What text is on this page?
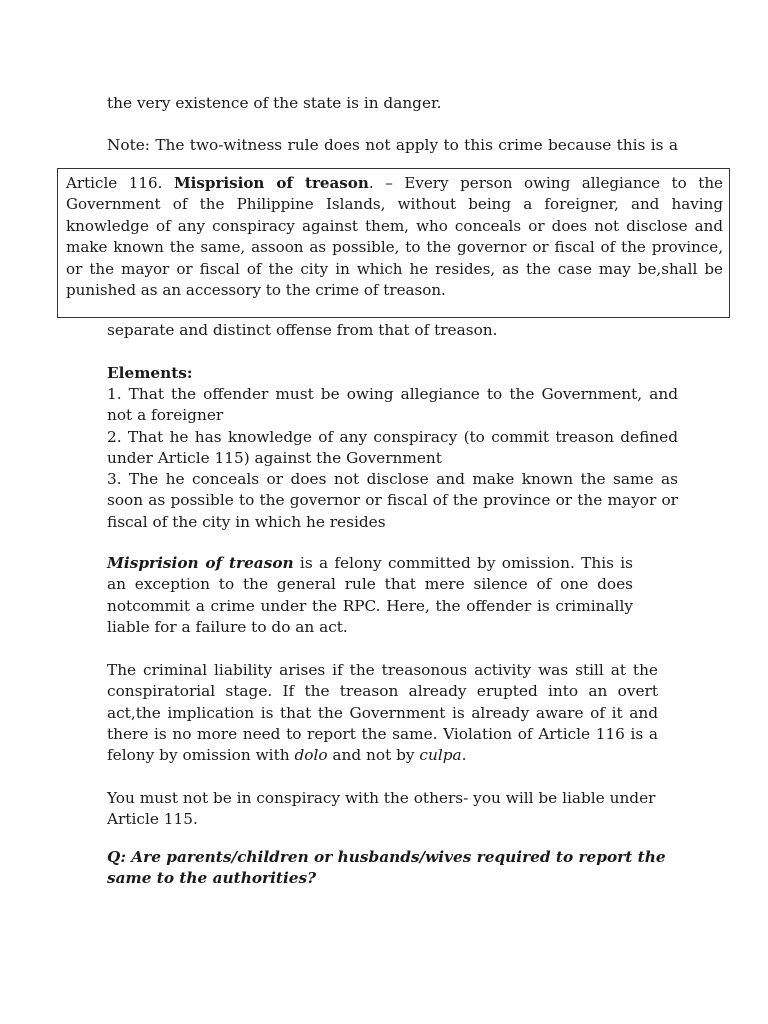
the very existence of the state is in danger.
Note: The two-witness rule does not apply to this crime because this is a
Article 116. Misprision of treason. – Every person owing allegiance to the Government of the Philippine Islands, without being a foreigner, and having knowledge of any conspiracy against them, who conceals or does not disclose and make known the same, assoon as possible, to the governor or fiscal of the province, or the mayor or fiscal of the city in which he resides, as the case may be,shall be punished as an accessory to the crime of treason.
separate and distinct offense from that of treason.
Elements:
1. That the offender must be owing allegiance to the Government, and not a foreigner
2. That he has knowledge of any conspiracy (to commit treason defined under Article 115) against the Government
3. The he conceals or does not disclose and make known the same as soon as possible to the governor or fiscal of the province or the mayor or fiscal of the city in which he resides
Misprision of treason is a felony committed by omission. This is an exception to the general rule that mere silence of one does notcommit a crime under the RPC. Here, the offender is criminally liable for a failure to do an act.
The criminal liability arises if the treasonous activity was still at the conspiratorial stage. If the treason already erupted into an overt act,the implication is that the Government is already aware of it and there is no more need to report the same. Violation of Article 116 is a felony by omission with dolo and not by culpa.
You must not be in conspiracy with the others- you will be liable under Article 115.
Q: Are parents/children or husbands/wives required to report the same to the authorities?
